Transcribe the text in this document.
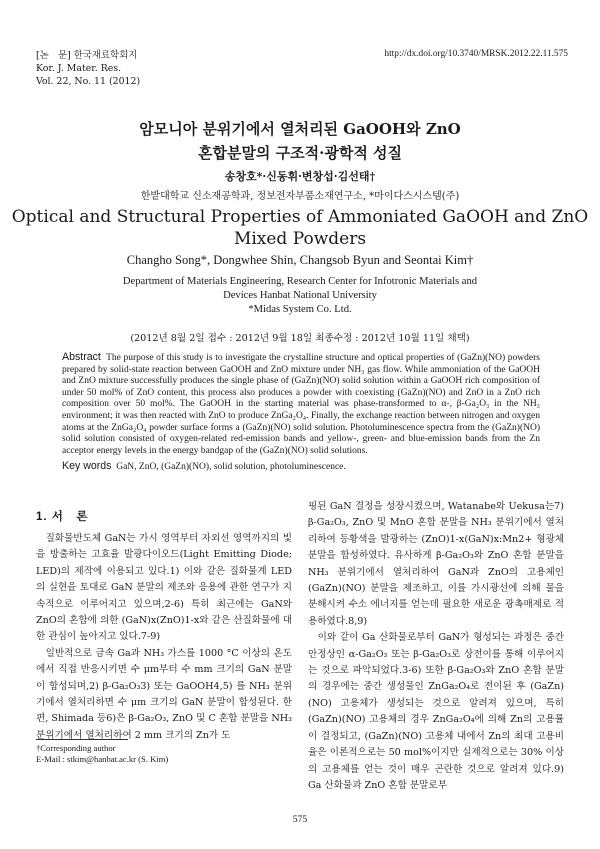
[논　문] 한국재료학회지
Kor. J. Mater. Res.
Vol. 22, No. 11 (2012)
http://dx.doi.org/10.3740/MRSK.2012.22.11.575
암모니아 분위기에서 열처리된 GaOOH와 ZnO
혼합분말의 구조적·광학적 성질
송창호*·신동휘·변창섭·김선태†
한밭대학교 신소재공학과, 정보전자부품소재연구소, *마이다스시스템(주)
Optical and Structural Properties of Ammoniated GaOOH and ZnO
Mixed Powders
Changho Song*, Dongwhee Shin, Changsob Byun and Seontai Kim†
Department of Materials Engineering, Research Center for Infotronic Materials and
Devices Hanbat National University
*Midas System Co. Ltd.
(2012년 8월 2일 접수 : 2012년 9월 18일 최종수정 : 2012년 10월 11일 채택)
Abstract The purpose of this study is to investigate the crystalline structure and optical properties of (GaZn)(NO) powders prepared by solid-state reaction between GaOOH and ZnO mixture under NH₃ gas flow. While ammoniation of the GaOOH and ZnO mixture successfully produces the single phase of (GaZn)(NO) solid solution within a GaOOH rich composition of under 50 mol% of ZnO content, this process also produces a powder with coexisting (GaZn)(NO) and ZnO in a ZnO rich composition over 50 mol%. The GaOOH in the starting material was phase-transformed to α-, β-Ga₂O₃ in the NH₃ environment; it was then reacted with ZnO to produce ZnGa₂O₄. Finally, the exchange reaction between nitrogen and oxygen atoms at the ZnGa₂O₄ powder surface forms a (GaZn)(NO) solid solution. Photoluminescence spectra from the (GaZn)(NO) solid solution consisted of oxygen-related red-emission bands and yellow-, green- and blue-emission bands from the Zn acceptor energy levels in the energy bandgap of the (GaZn)(NO) solid solutions.
Key words GaN, ZnO, (GaZn)(NO), solid solution, photoluminescence.
1. 서　론

질화물반도체 GaN는 가시 영역부터 자외선 영역까지의 빛을 방출하는 고효율 발광다이오드(Light Emitting Diode; LED)의 제작에 이용되고 있다.1) 이와 같은 질화물계 LED의 실현을 토대로 GaN 분말의 제조와 응용에 관한 연구가 지속적으로 이루어지고 있으며,2-6) 특히 최근에는 GaN와 ZnO의 혼합에 의한 (GaN)x(ZnO)1-x와 같은 산질화물에 대한 관심이 높아지고 있다.7-9)

일반적으로 금속 Ga과 NH₃ 가스를 1000 °C 이상의 온도에서 직접 반응시키면 수 μm부터 수 mm 크기의 GaN 분말이 합성되며,2) β-Ga₂O₃3) 또는 GaOOH4,5) 를 NH₃ 분위기에서 열처리하면 수 μm 크기의 GaN 분말이 합성된다. 한편, Shimada 등6)은 β-Ga₂O₃, ZnO 및 C 혼합 분말을 NH₃ 분위기에서 열처리하여 2 mm 크기의 Zn가 도

핑된 GaN 결정을 성장시켰으며, Watanabe와 Uekusa는7) β-Ga₂O₃, ZnO 및 MnO 혼합 분말을 NH₃ 분위기에서 열처리하여 등황색을 발광하는 (ZnO)1-x(GaN)x:Mn2+ 형광체 분말을 합성하였다. 유사하게 β-Ga₂O₃와 ZnO 혼합 분말을 NH₃ 분위기에서 열처리하여 GaN과 ZnO의 고용체인 (GaZn)(NO) 분말을 제조하고, 이를 가시광선에 의해 물을 분해시켜 수소 에너지를 얻는데 필요한 새로운 광촉매제로 적용하였다.8,9)

이와 같이 Ga 산화물로부터 GaN가 형성되는 과정은 중간 안정상인 α-Ga₂O₃ 또는 β-Ga₂O₃로 상전이를 통해 이루어지는 것으로 파악되었다.3-6) 또한 β-Ga₂O₃와 ZnO 혼합 분말의 경우에는 중간 생성물인 ZnGa₂O₄로 전이된 후 (GaZn)(NO) 고용체가 생성되는 것으로 알려져 있으며, 특히 (GaZn)(NO) 고용체의 경우 ZnGa₂O₄에 의해 Zn의 고용률이 결정되고, (GaZn)(NO) 고용체 내에서 Zn의 최대 고용비율은 이론적으로는 50 mol%이지만 실제적으로는 30% 이상의 고용체를 얻는 것이 매우 곤란한 것으로 알려져 있다.9) Ga 산화물과 ZnO 혼합 분말로부

†Corresponding author
E-Mail : stkim@hanbat.ac.kr (S. Kim)
575
